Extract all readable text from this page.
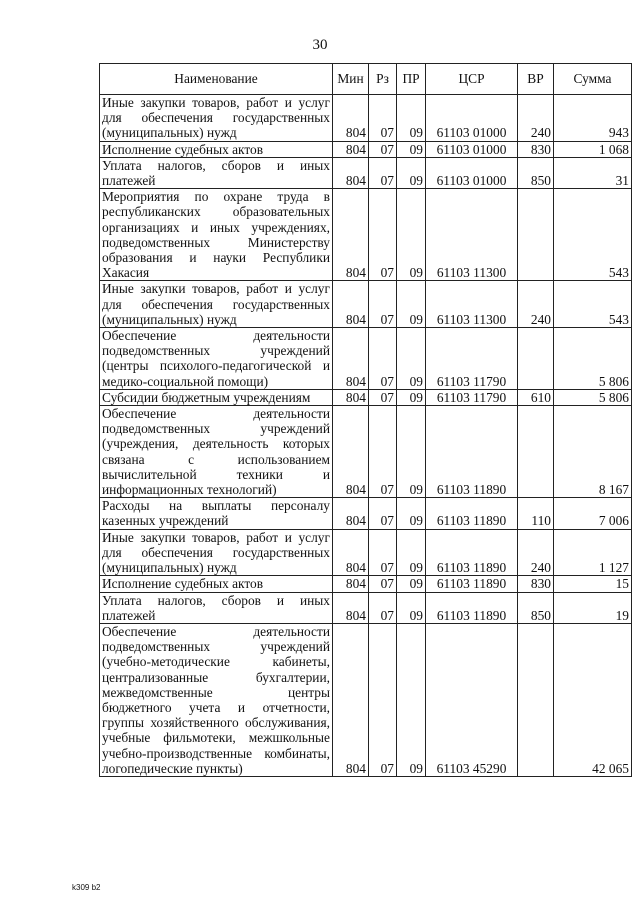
30
Наименование	Мин	Рз	ПР	ЦСР	ВР	Сумма
Иные закупки товаров, работ и услуг для обеспечения государственных (муниципальных) нужд	804	07	09	61103 01000	240	943
Исполнение судебных актов	804	07	09	61103 01000	830	1 068
Уплата налогов, сборов и иных платежей	804	07	09	61103 01000	850	31
Мероприятия по охране труда в республиканских образовательных организациях и иных учреждениях, подведомственных Министерству образования и науки Республики Хакасия	804	07	09	61103 11300		543
Иные закупки товаров, работ и услуг для обеспечения государственных (муниципальных) нужд	804	07	09	61103 11300	240	543
Обеспечение деятельности подведомственных учреждений (центры психолого-педагогической и медико-социальной помощи)	804	07	09	61103 11790		5 806
Субсидии бюджетным учреждениям	804	07	09	61103 11790	610	5 806
Обеспечение деятельности подведомственных учреждений (учреждения, деятельность которых связана с использованием вычислительной техники и информационных технологий)	804	07	09	61103 11890		8 167
Расходы на выплаты персоналу казенных учреждений	804	07	09	61103 11890	110	7 006
Иные закупки товаров, работ и услуг для обеспечения государственных (муниципальных) нужд	804	07	09	61103 11890	240	1 127
Исполнение судебных актов	804	07	09	61103 11890	830	15
Уплата налогов, сборов и иных платежей	804	07	09	61103 11890	850	19
Обеспечение деятельности подведомственных учреждений (учебно-методические кабинеты, централизованные бухгалтерии, межведомственные центры бюджетного учета и отчетности, группы хозяйственного обслуживания, учебные фильмотеки, межшкольные учебно-производственные комбинаты, логопедические пункты)	804	07	09	61103 45290		42 065
k309 b2
